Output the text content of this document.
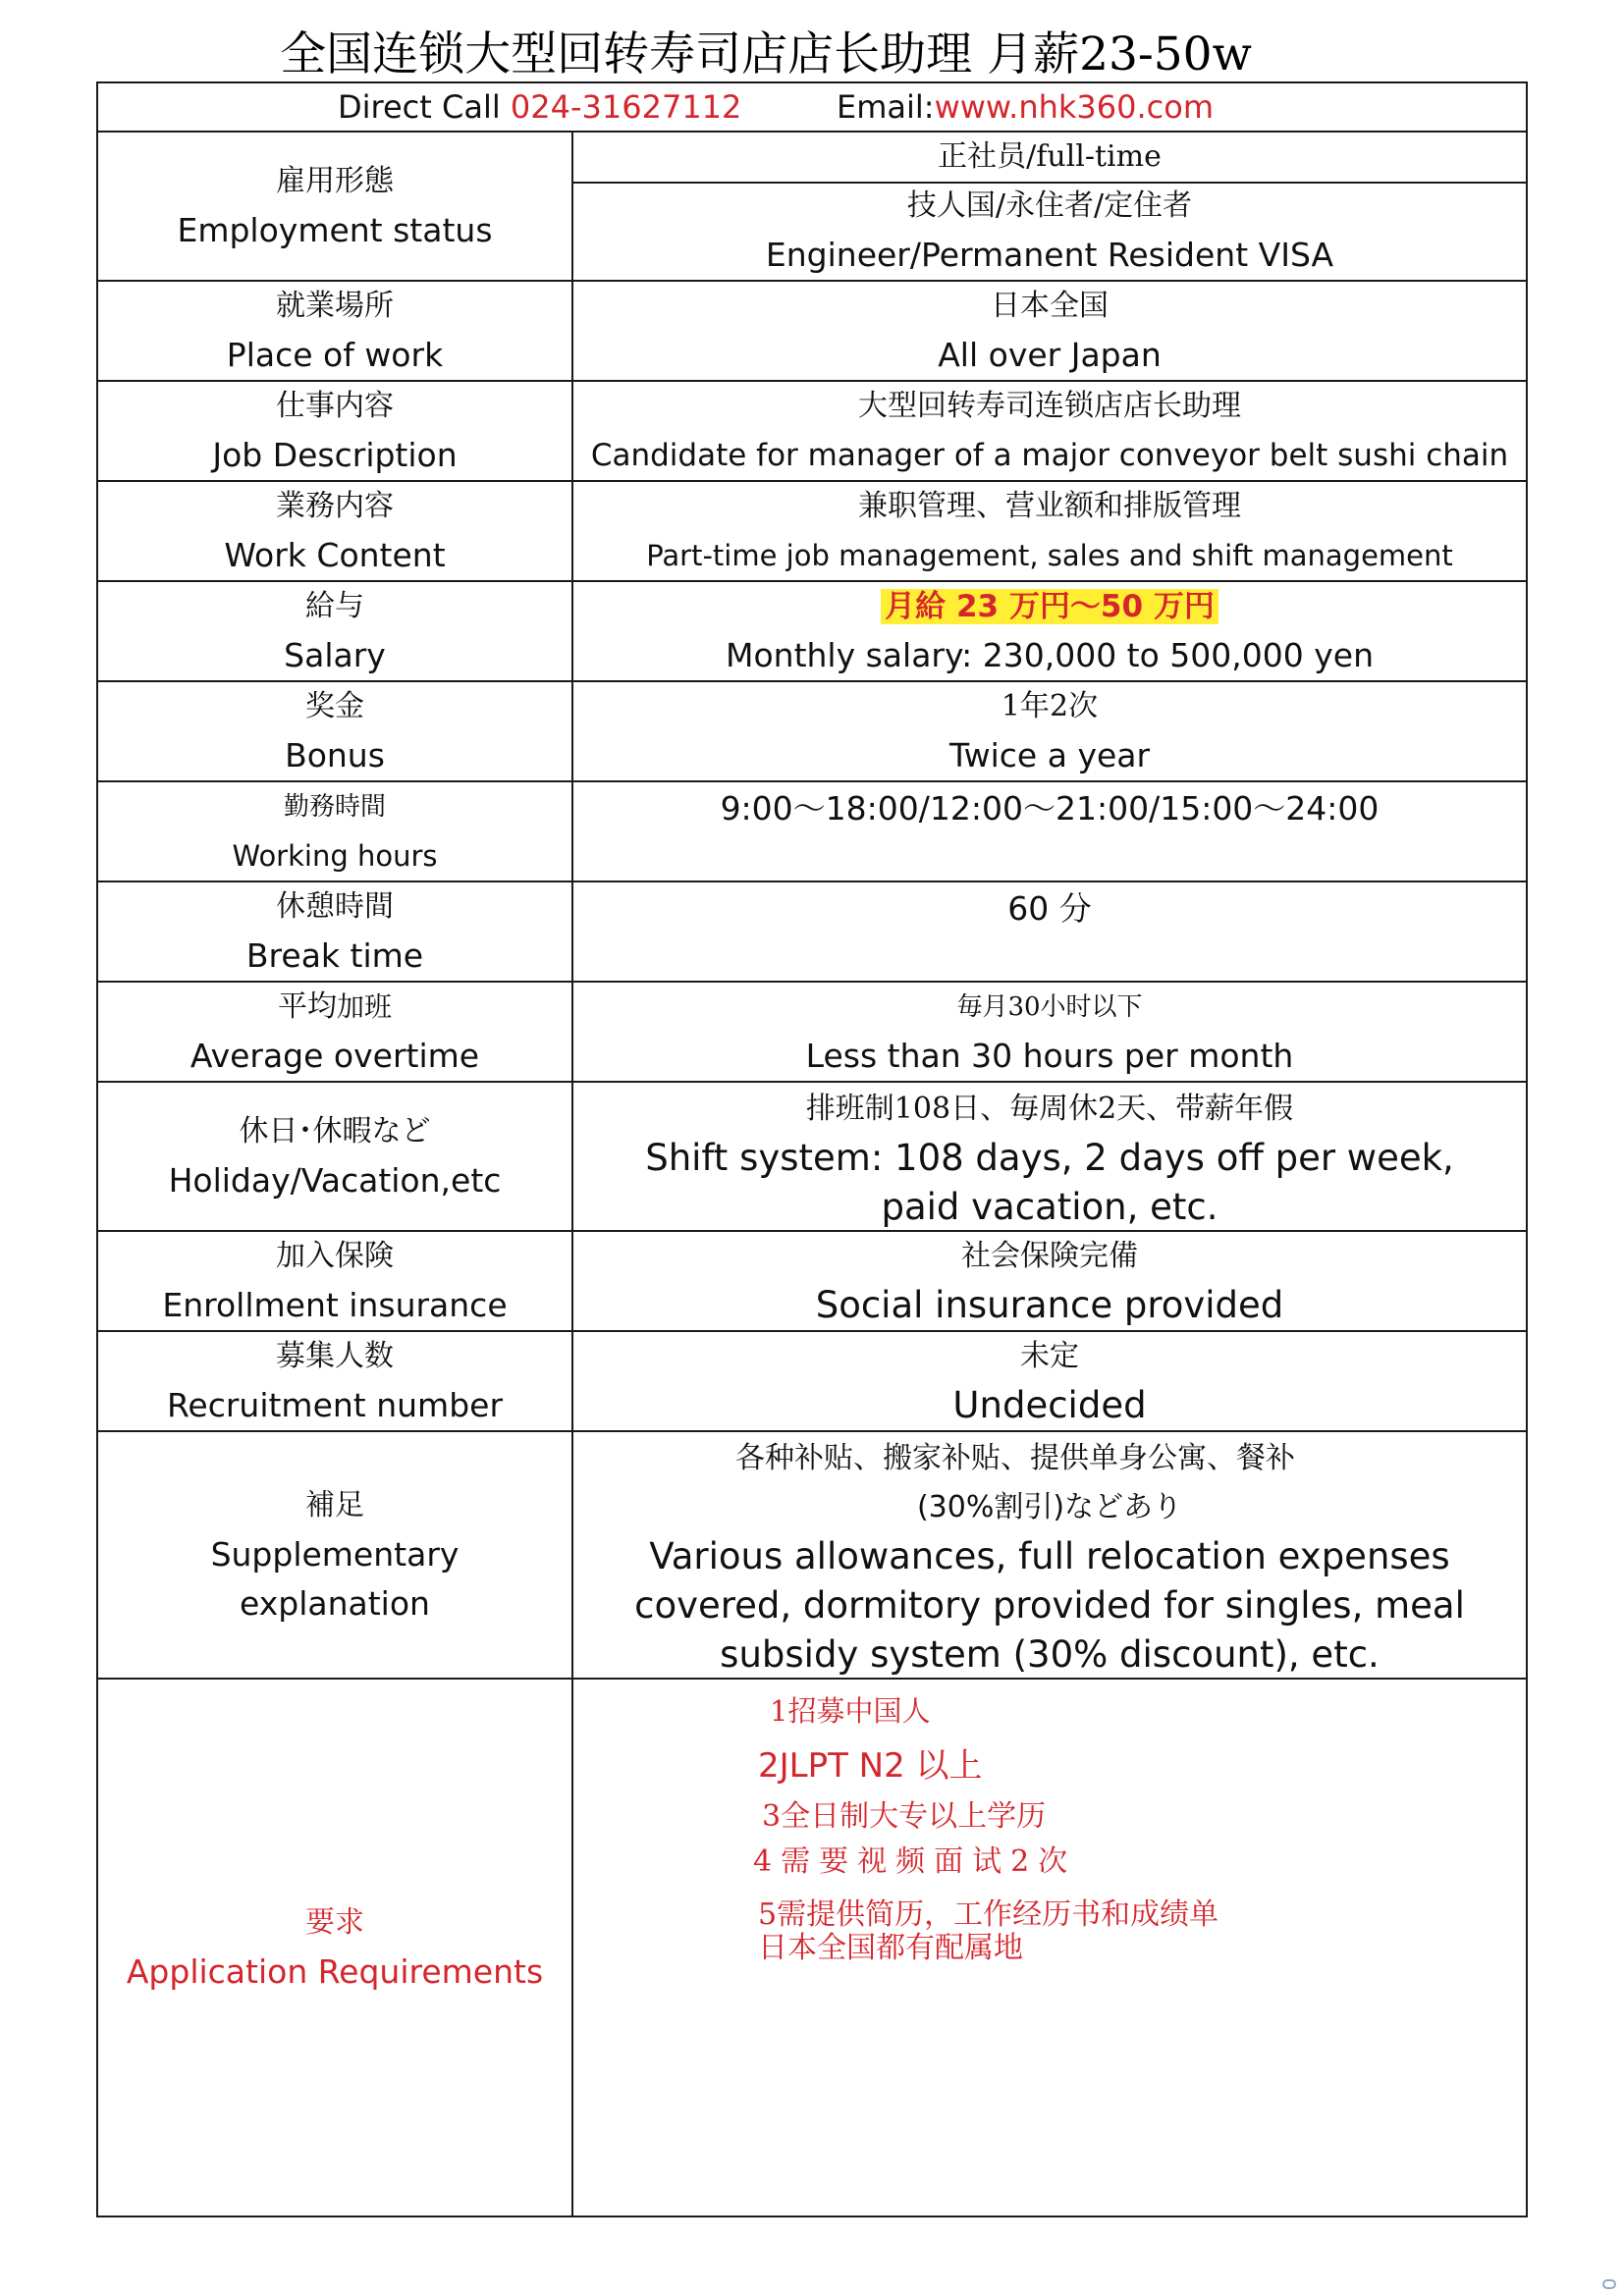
全国连锁大型回转寿司店店长助理 月薪23-50w
Direct Call 024-31627112	Email:www.nhk360.com
雇用形態
Employment status
正社员/full-time
技人国/永住者/定住者
Engineer/Permanent Resident VISA
就業場所
Place of work
日本全国
All over Japan
仕事内容
Job Description
大型回转寿司连锁店店长助理
Candidate for manager of a major conveyor belt sushi chain
業務内容
Work Content
兼职管理、营业额和排版管理
Part-time job management, sales and shift management
給与
Salary
月給 23 万円～50 万円
Monthly salary: 230,000 to 500,000 yen
奖金
Bonus
1年2次
Twice a year
勤務時間
Working hours
9:00～18:00/12:00～21:00/15:00～24:00
休憩時間
Break time
60 分
平均加班
Average overtime
毎月30小时以下
Less than 30 hours per month
休日･休暇など
Holiday/Vacation,etc
排班制108日、毎周休2天、带薪年假
Shift system: 108 days, 2 days off per week, paid vacation, etc.
加入保険
Enrollment insurance
社会保険完備
Social insurance provided
募集人数
Recruitment number
未定
Undecided
補足
Supplementary
explanation
各种补贴、搬家补贴、提供单身公寓、餐补
(30%割引)などあり
Various allowances, full relocation expenses covered, dormitory provided for singles, meal subsidy system (30% discount), etc.
要求
Application Requirements
1招募中国人
2JLPT N2 以上
3全日制大专以上学历
4需要视频面试2次
5需提供简历，工作经历书和成绩单
日本全国都有配属地
